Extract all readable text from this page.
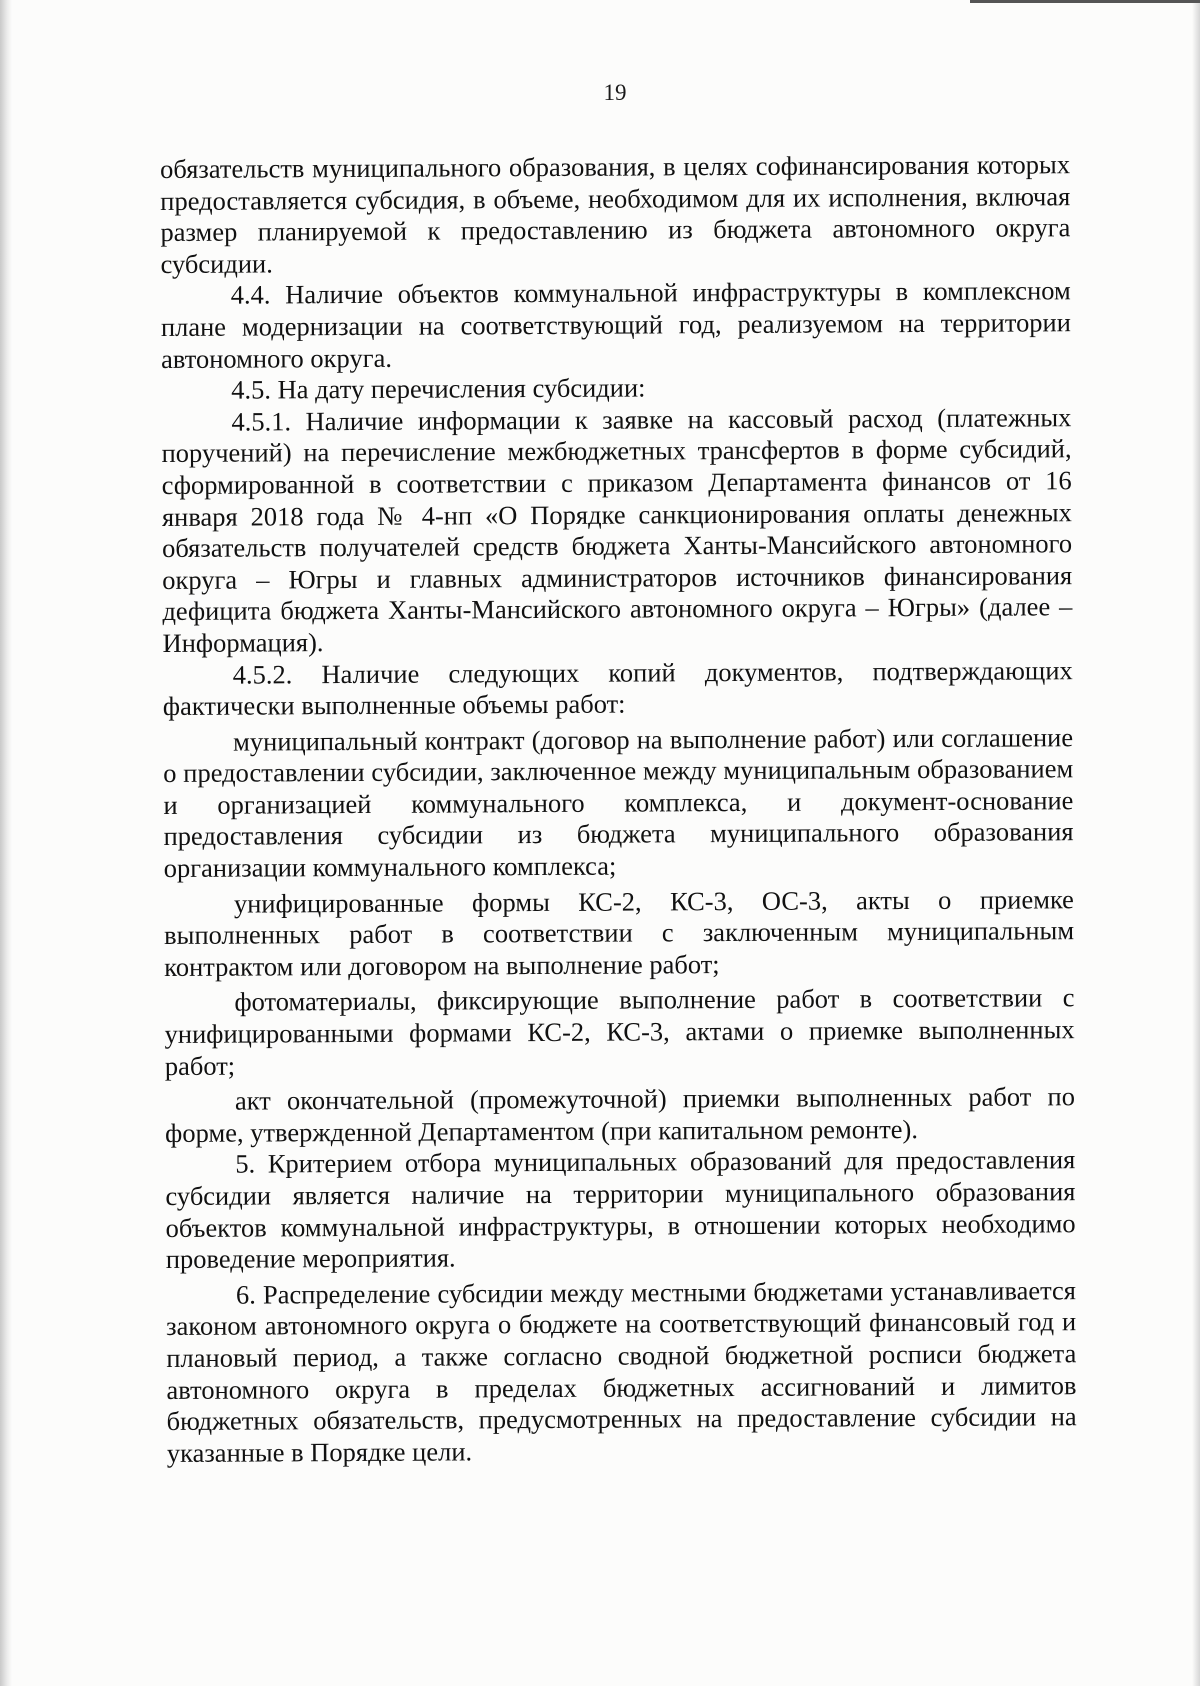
19

обязательств муниципального образования, в целях софинансирования которых предоставляется субсидия, в объеме, необходимом для их исполнения, включая размер планируемой к предоставлению из бюджета автономного округа субсидии.

4.4. Наличие объектов коммунальной инфраструктуры в комплексном плане модернизации на соответствующий год, реализуемом на территории автономного округа.

4.5. На дату перечисления субсидии:

4.5.1. Наличие информации к заявке на кассовый расход (платежных поручений) на перечисление межбюджетных трансфертов в форме субсидий, сформированной в соответствии с приказом Департамента финансов от 16 января 2018 года № 4-нп «О Порядке санкционирования оплаты денежных обязательств получателей средств бюджета Ханты-Мансийского автономного округа – Югры и главных администраторов источников финансирования дефицита бюджета Ханты-Мансийского автономного округа – Югры» (далее – Информация).

4.5.2. Наличие следующих копий документов, подтверждающих фактически выполненные объемы работ:

муниципальный контракт (договор на выполнение работ) или соглашение о предоставлении субсидии, заключенное между муниципальным образованием и организацией коммунального комплекса, и документ-основание предоставления субсидии из бюджета муниципального образования организации коммунального комплекса;

унифицированные формы КС-2, КС-3, ОС-3, акты о приемке выполненных работ в соответствии с заключенным муниципальным контрактом или договором на выполнение работ;

фотоматериалы, фиксирующие выполнение работ в соответствии с унифицированными формами КС-2, КС-3, актами о приемке выполненных работ;

акт окончательной (промежуточной) приемки выполненных работ по форме, утвержденной Департаментом (при капитальном ремонте).

5. Критерием отбора муниципальных образований для предоставления субсидии является наличие на территории муниципального образования объектов коммунальной инфраструктуры, в отношении которых необходимо проведение мероприятия.

6. Распределение субсидии между местными бюджетами устанавливается законом автономного округа о бюджете на соответствующий финансовый год и плановый период, а также согласно сводной бюджетной росписи бюджета автономного округа в пределах бюджетных ассигнований и лимитов бюджетных обязательств, предусмотренных на предоставление субсидии на указанные в Порядке цели.
